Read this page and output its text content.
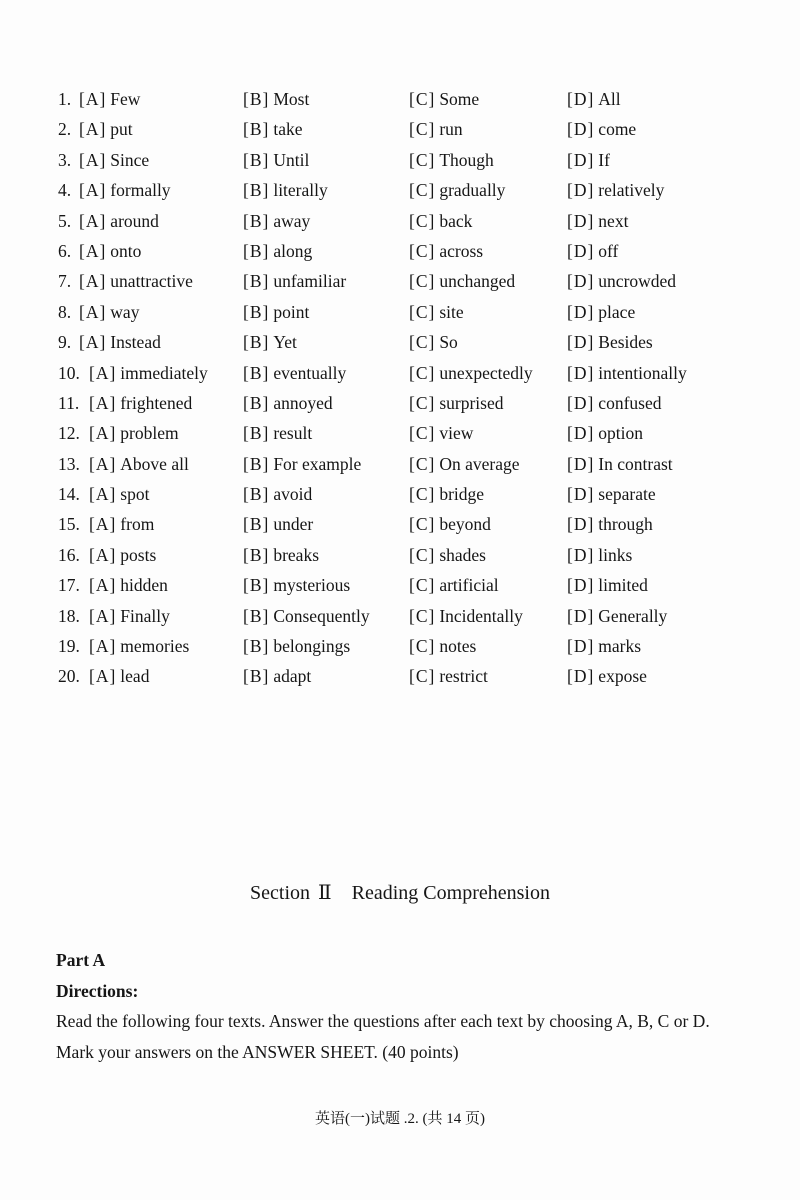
1. [A] Few	[B] Most	[C] Some	[D] All
2. [A] put	[B] take	[C] run	[D] come
3. [A] Since	[B] Until	[C] Though	[D] If
4. [A] formally	[B] literally	[C] gradually	[D] relatively
5. [A] around	[B] away	[C] back	[D] next
6. [A] onto	[B] along	[C] across	[D] off
7. [A] unattractive	[B] unfamiliar	[C] unchanged	[D] uncrowded
8. [A] way	[B] point	[C] site	[D] place
9. [A] Instead	[B] Yet	[C] So	[D] Besides
10. [A] immediately [B] eventually	[C] unexpectedly [D] intentionally
11. [A] frightened	[B] annoyed	[C] surprised	[D] confused
12. [A] problem	[B] result	[C] view	[D] option
13. [A] Above all	[B] For example	[C] On average	[D] In contrast
14. [A] spot	[B] avoid	[C] bridge	[D] separate
15. [A] from	[B] under	[C] beyond	[D] through
16. [A] posts	[B] breaks	[C] shades	[D] links
17. [A] hidden	[B] mysterious	[C] artificial	[D] limited
18. [A] Finally	[B] Consequently [C] Incidentally	[D] Generally
19. [A] memories	[B] belongings	[C] notes	[D] marks
20. [A] lead	[B] adapt	[C] restrict	[D] expose
Section Ⅱ Reading Comprehension
Part A
Directions:

Read the following four texts. Answer the questions after each text by choosing A, B, C or D. Mark your answers on the ANSWER SHEET. (40 points)

英语(一)试题 .2. (共 14 页)
